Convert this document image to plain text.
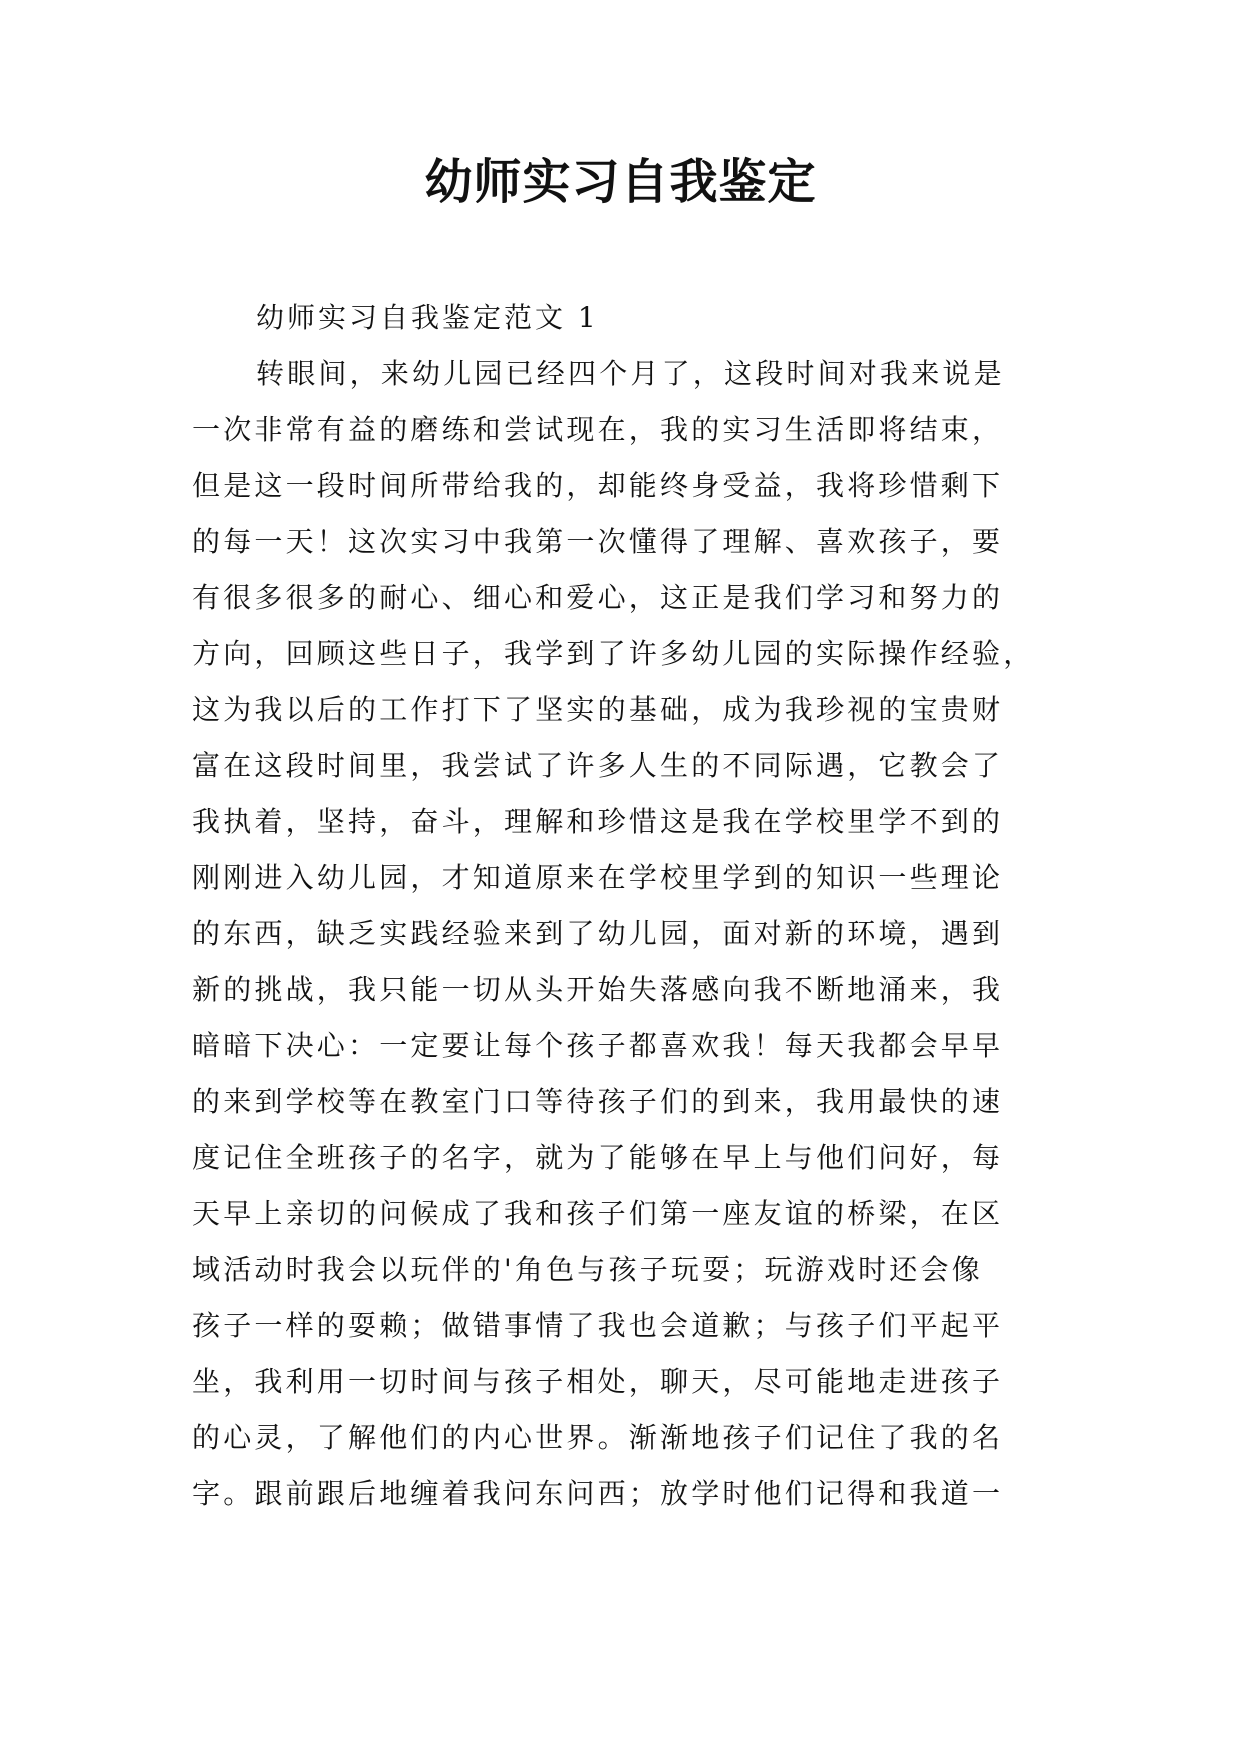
幼师实习自我鉴定
幼师实习自我鉴定范文 1
转眼间，来幼儿园已经四个月了，这段时间对我来说是
一次非常有益的磨练和尝试现在，我的实习生活即将结束，
但是这一段时间所带给我的，却能终身受益，我将珍惜剩下
的每一天！这次实习中我第一次懂得了理解、喜欢孩子，要
有很多很多的耐心、细心和爱心，这正是我们学习和努力的
方向，回顾这些日子，我学到了许多幼儿园的实际操作经验，
这为我以后的工作打下了坚实的基础，成为我珍视的宝贵财
富在这段时间里，我尝试了许多人生的不同际遇，它教会了
我执着，坚持，奋斗，理解和珍惜这是我在学校里学不到的
刚刚进入幼儿园，才知道原来在学校里学到的知识一些理论
的东西，缺乏实践经验来到了幼儿园，面对新的环境，遇到
新的挑战，我只能一切从头开始失落感向我不断地涌来，我
暗暗下决心：一定要让每个孩子都喜欢我！每天我都会早早
的来到学校等在教室门口等待孩子们的到来，我用最快的速
度记住全班孩子的名字，就为了能够在早上与他们问好，每
天早上亲切的问候成了我和孩子们第一座友谊的桥梁，在区
域活动时我会以玩伴的'角色与孩子玩耍；玩游戏时还会像
孩子一样的耍赖；做错事情了我也会道歉；与孩子们平起平
坐，我利用一切时间与孩子相处，聊天，尽可能地走进孩子
的心灵，了解他们的内心世界。渐渐地孩子们记住了我的名
字。跟前跟后地缠着我问东问西；放学时他们记得和我道一
